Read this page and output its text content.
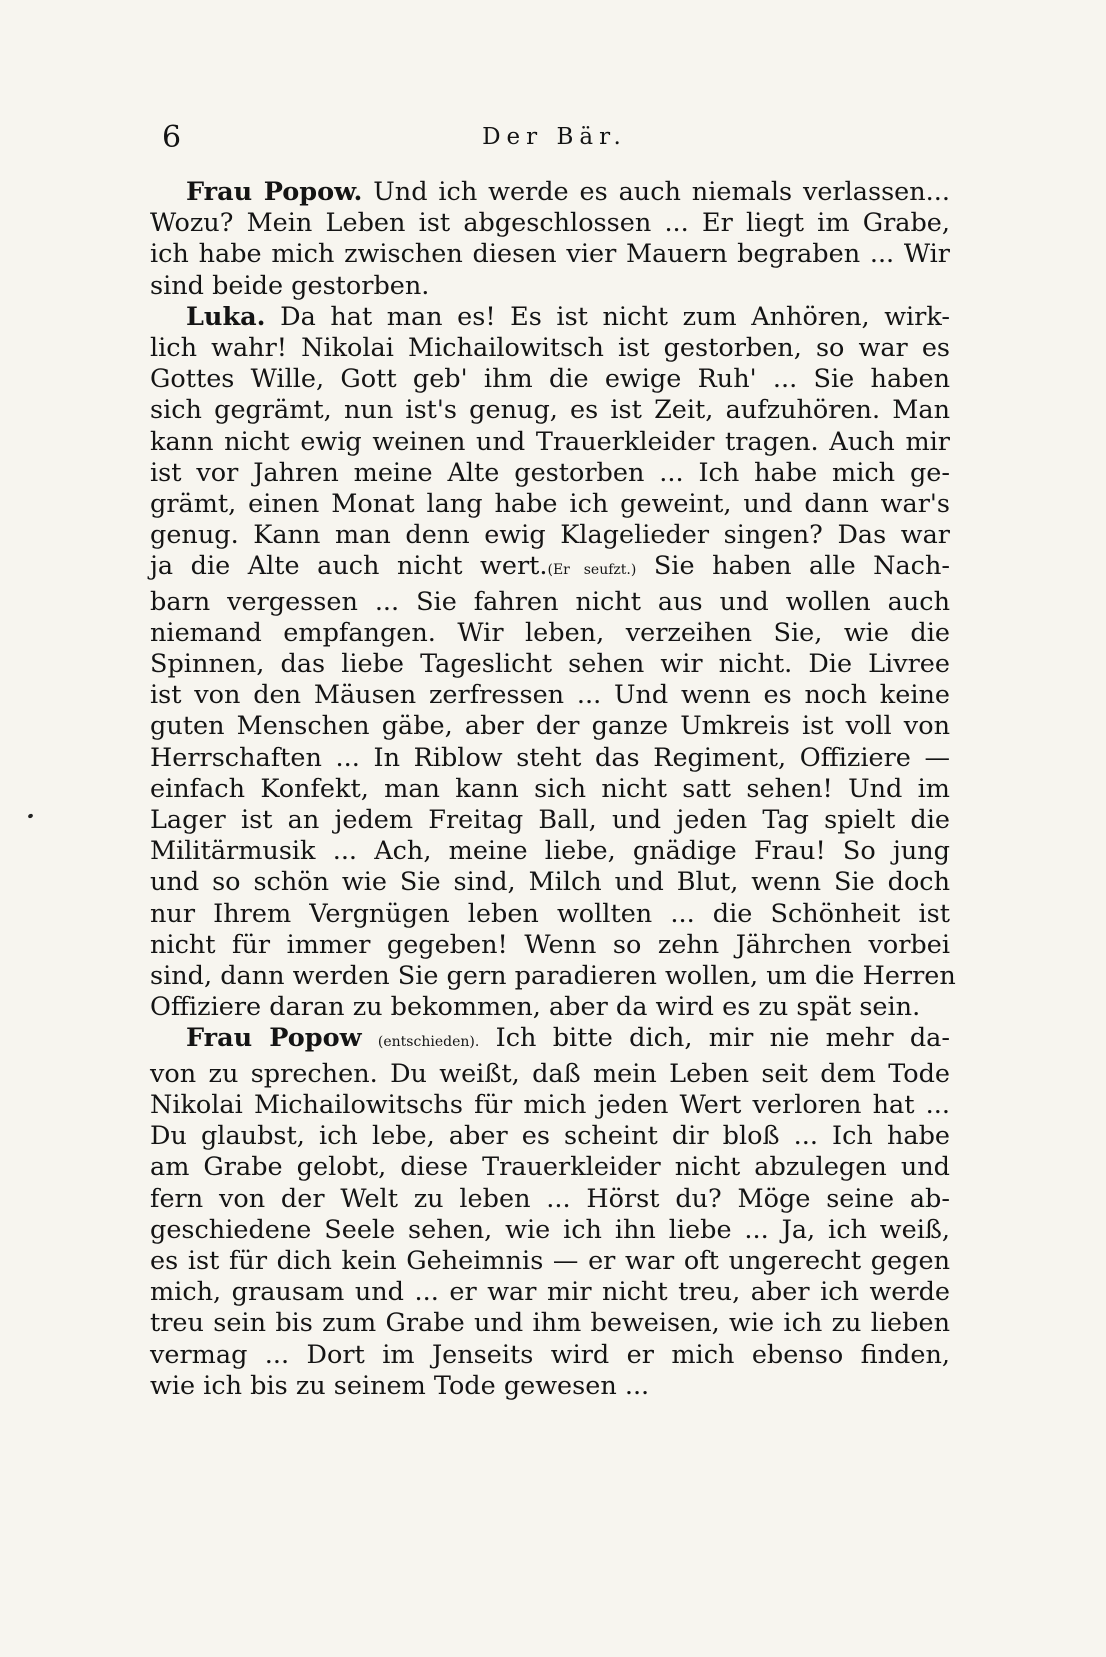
6	Der Bär.
Frau Popow. Und ich werde es auch niemals verlassen...
Wozu? Mein Leben ist abgeschlossen ... Er liegt im Grabe,
ich habe mich zwischen diesen vier Mauern begraben ... Wir
sind beide gestorben.
Luka. Da hat man es! Es ist nicht zum Anhören, wirk-
lich wahr! Nikolai Michailowitsch ist gestorben, so war es
Gottes Wille, Gott geb' ihm die ewige Ruh' ... Sie haben
sich gegrämt, nun ist's genug, es ist Zeit, aufzuhören. Man
kann nicht ewig weinen und Trauerkleider tragen. Auch mir
ist vor Jahren meine Alte gestorben ... Ich habe mich ge-
grämt, einen Monat lang habe ich geweint, und dann war's
genug. Kann man denn ewig Klagelieder singen? Das war
ja die Alte auch nicht wert.(Er seufzt.) Sie haben alle Nach-
barn vergessen ... Sie fahren nicht aus und wollen auch
niemand empfangen. Wir leben, verzeihen Sie, wie die
Spinnen, das liebe Tageslicht sehen wir nicht. Die Livree
ist von den Mäusen zerfressen ... Und wenn es noch keine
guten Menschen gäbe, aber der ganze Umkreis ist voll von
Herrschaften ... In Riblow steht das Regiment, Offiziere —
einfach Konfekt, man kann sich nicht satt sehen! Und im
Lager ist an jedem Freitag Ball, und jeden Tag spielt die
Militärmusik ... Ach, meine liebe, gnädige Frau! So jung
und so schön wie Sie sind, Milch und Blut, wenn Sie doch
nur Ihrem Vergnügen leben wollten ... die Schönheit ist
nicht für immer gegeben! Wenn so zehn Jährchen vorbei
sind, dann werden Sie gern paradieren wollen, um die Herren
Offiziere daran zu bekommen, aber da wird es zu spät sein.
Frau Popow (entschieden). Ich bitte dich, mir nie mehr da-
von zu sprechen. Du weißt, daß mein Leben seit dem Tode
Nikolai Michailowitschs für mich jeden Wert verloren hat ...
Du glaubst, ich lebe, aber es scheint dir bloß ... Ich habe
am Grabe gelobt, diese Trauerkleider nicht abzulegen und
fern von der Welt zu leben ... Hörst du? Möge seine ab-
geschiedene Seele sehen, wie ich ihn liebe ... Ja, ich weiß,
es ist für dich kein Geheimnis — er war oft ungerecht gegen
mich, grausam und ... er war mir nicht treu, aber ich werde
treu sein bis zum Grabe und ihm beweisen, wie ich zu lieben
vermag ... Dort im Jenseits wird er mich ebenso finden,
wie ich bis zu seinem Tode gewesen ...
